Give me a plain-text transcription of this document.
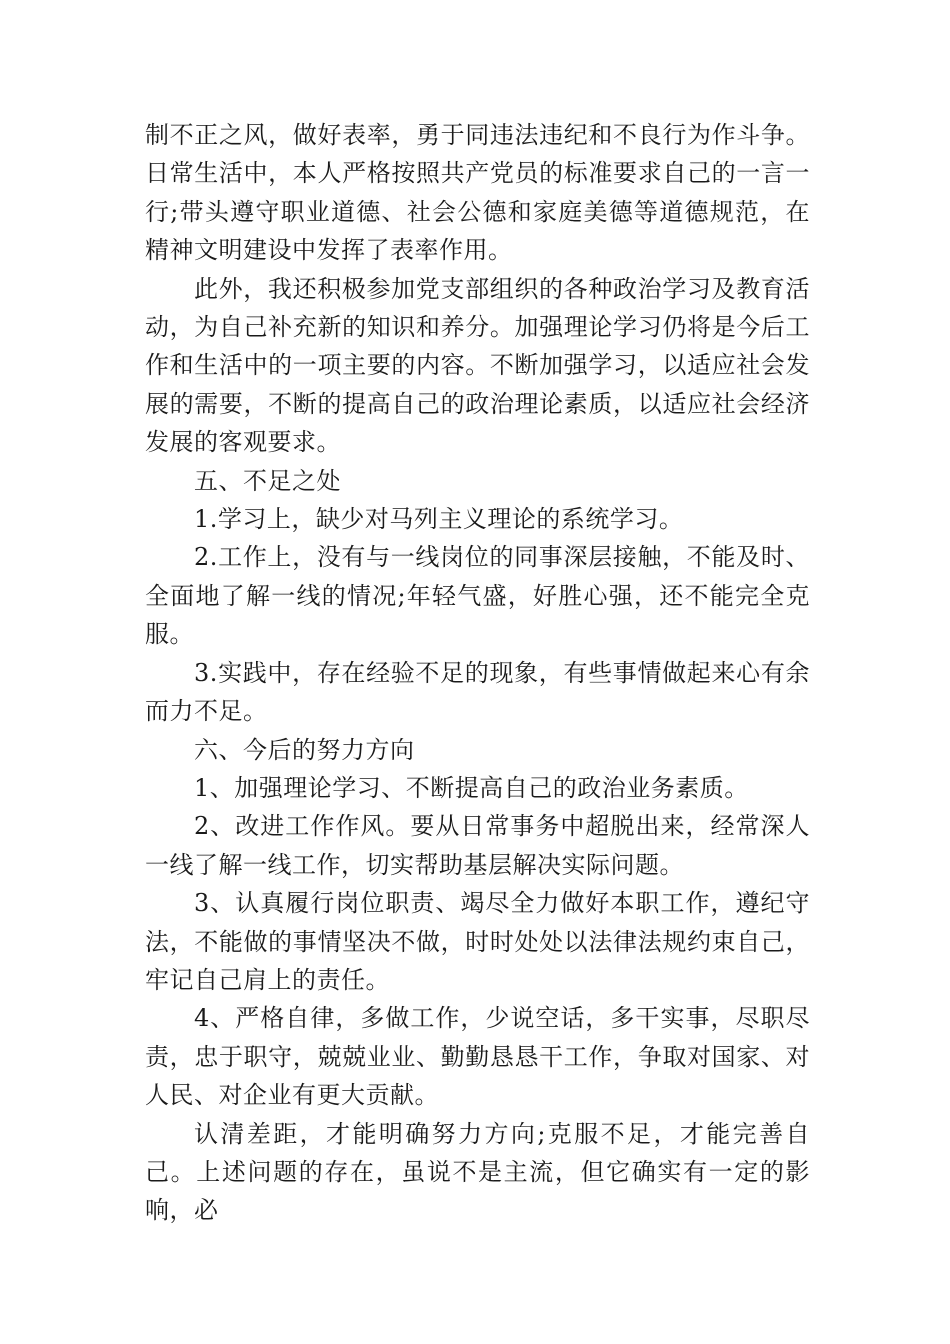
制不正之风，做好表率，勇于同违法违纪和不良行为作斗争。日常生活中，本人严格按照共产党员的标准要求自己的一言一行;带头遵守职业道德、社会公德和家庭美德等道德规范，在精神文明建设中发挥了表率作用。

此外，我还积极参加党支部组织的各种政治学习及教育活动，为自己补充新的知识和养分。加强理论学习仍将是今后工作和生活中的一项主要的内容。不断加强学习，以适应社会发展的需要，不断的提高自己的政治理论素质，以适应社会经济发展的客观要求。

五、不足之处

1.学习上，缺少对马列主义理论的系统学习。

2.工作上，没有与一线岗位的同事深层接触，不能及时、全面地了解一线的情况;年轻气盛，好胜心强，还不能完全克服。

3.实践中，存在经验不足的现象，有些事情做起来心有余而力不足。

六、今后的努力方向

1、加强理论学习、不断提高自己的政治业务素质。

2、改进工作作风。要从日常事务中超脱出来，经常深人一线了解一线工作，切实帮助基层解决实际问题。

3、认真履行岗位职责、竭尽全力做好本职工作，遵纪守法，不能做的事情坚决不做，时时处处以法律法规约束自己，牢记自己肩上的责任。

4、严格自律，多做工作，少说空话，多干实事，尽职尽责，忠于职守，兢兢业业、勤勤恳恳干工作，争取对国家、对人民、对企业有更大贡献。

认清差距，才能明确努力方向;克服不足，才能完善自己。上述问题的存在，虽说不是主流，但它确实有一定的影响，必
